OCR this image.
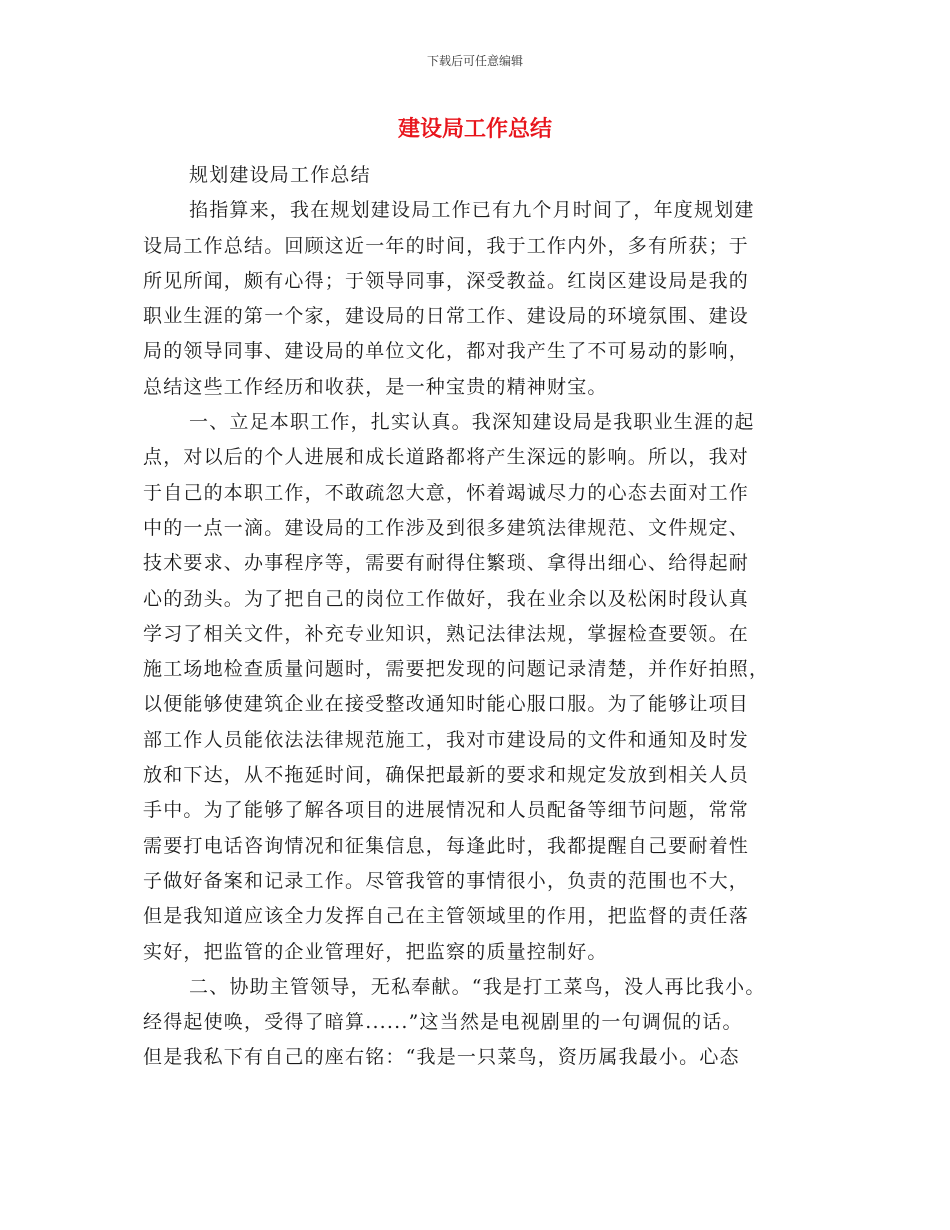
下载后可任意编辑
建设局工作总结
规划建设局工作总结
掐指算来，我在规划建设局工作已有九个月时间了，年度规划建
设局工作总结。回顾这近一年的时间，我于工作内外，多有所获；于
所见所闻，颇有心得；于领导同事，深受教益。红岗区建设局是我的
职业生涯的第一个家，建设局的日常工作、建设局的环境氛围、建设
局的领导同事、建设局的单位文化，都对我产生了不可易动的影响，
总结这些工作经历和收获，是一种宝贵的精神财宝。
一、立足本职工作，扎实认真。我深知建设局是我职业生涯的起
点，对以后的个人进展和成长道路都将产生深远的影响。所以，我对
于自己的本职工作，不敢疏忽大意，怀着竭诚尽力的心态去面对工作
中的一点一滴。建设局的工作涉及到很多建筑法律规范、文件规定、
技术要求、办事程序等，需要有耐得住繁琐、拿得出细心、给得起耐
心的劲头。为了把自己的岗位工作做好，我在业余以及松闲时段认真
学习了相关文件，补充专业知识，熟记法律法规，掌握检查要领。在
施工场地检查质量问题时，需要把发现的问题记录清楚，并作好拍照，
以便能够使建筑企业在接受整改通知时能心服口服。为了能够让项目
部工作人员能依法法律规范施工，我对市建设局的文件和通知及时发
放和下达，从不拖延时间，确保把最新的要求和规定发放到相关人员
手中。为了能够了解各项目的进展情况和人员配备等细节问题，常常
需要打电话咨询情况和征集信息，每逢此时，我都提醒自己要耐着性
子做好备案和记录工作。尽管我管的事情很小，负责的范围也不大，
但是我知道应该全力发挥自己在主管领域里的作用，把监督的责任落
实好，把监管的企业管理好，把监察的质量控制好。
二、协助主管领导，无私奉献。“我是打工菜鸟，没人再比我小。
经得起使唤，受得了暗算......”这当然是电视剧里的一句调侃的话。
但是我私下有自己的座右铭：“我是一只菜鸟，资历属我最小。心态
